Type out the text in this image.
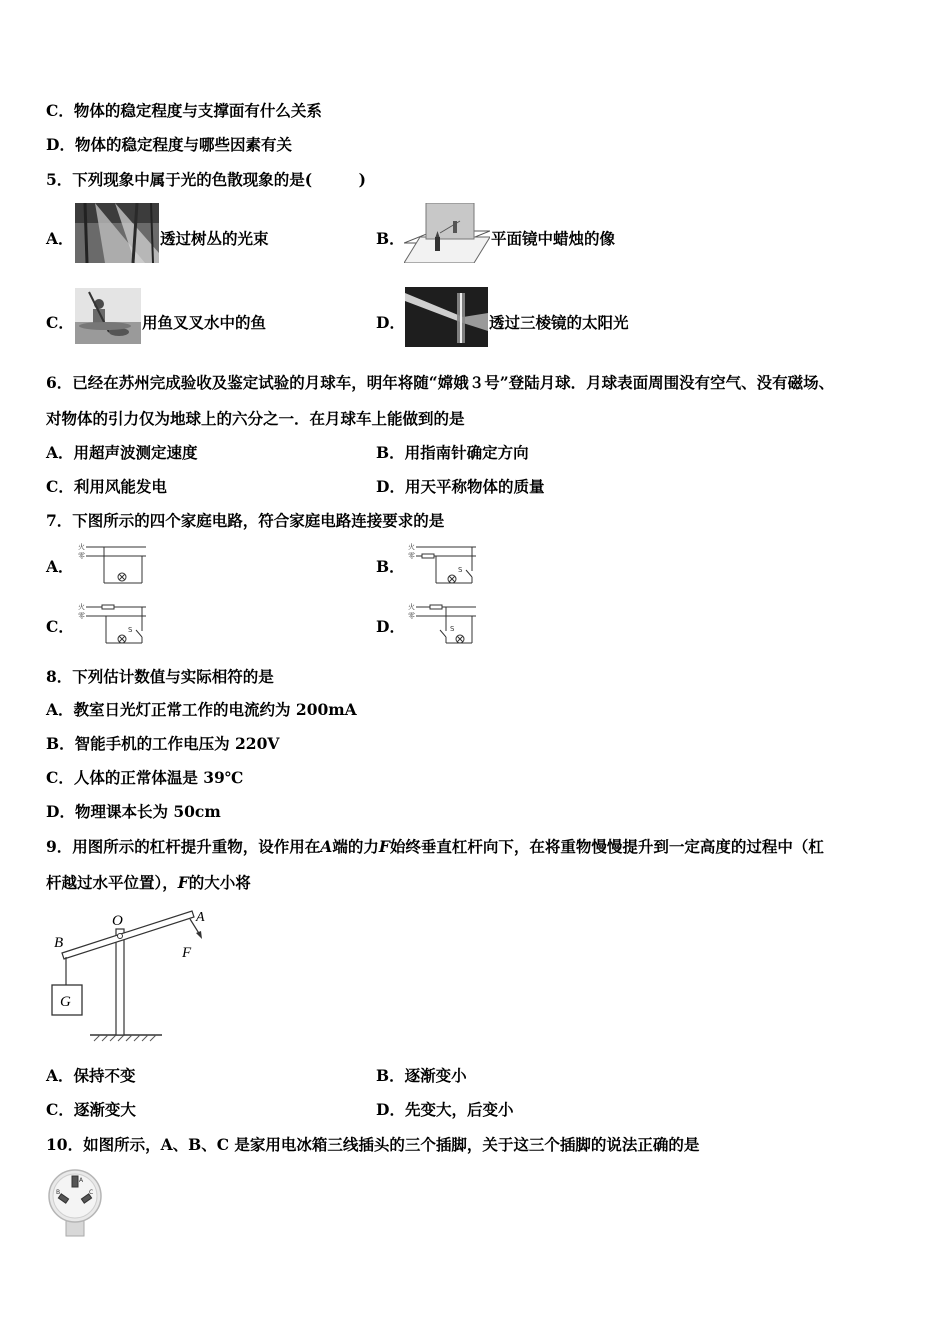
C．物体的稳定程度与支撑面有什么关系
D．物体的稳定程度与哪些因素有关
5．下列现象中属于光的色散现象的是(　　　)
A．	透过树丛的光束	B．	平面镜中蜡烛的像
C．	用鱼叉叉水中的鱼	D．	透过三棱镜的太阳光
6．已经在苏州完成验收及鉴定试验的月球车，明年将随“嫦娥３号”登陆月球．月球表面周围没有空气、没有磁场、
对物体的引力仅为地球上的六分之一．在月球车上能做到的是
A．用超声波测定速度	B．用指南针确定方向
C．利用风能发电	D．用天平称物体的质量
7．下图所示的四个家庭电路，符合家庭电路连接要求的是
A．
火
零
B．
火
零
S
C．
火
零
S	D．
火
零
S
8．下列估计数值与实际相符的是
A．教室日光灯正常工作的电流约为 200mA
B．智能手机的工作电压为 220V
C．人体的正常体温是 39℃
D．物理课本长为 50cm
9．用图所示的杠杆提升重物，设作用在A端的力F始终垂直杠杆向下，在将重物慢慢提升到一定高度的过程中（杠
杆越过水平位置），F的大小将
O	A
B
F
G
A．保持不变	B．逐渐变小
C．逐渐变大	D．先变大，后变小
10．如图所示，A、B、C 是家用电冰箱三线插头的三个插脚，关于这三个插脚的说法正确的是
A
B	C
